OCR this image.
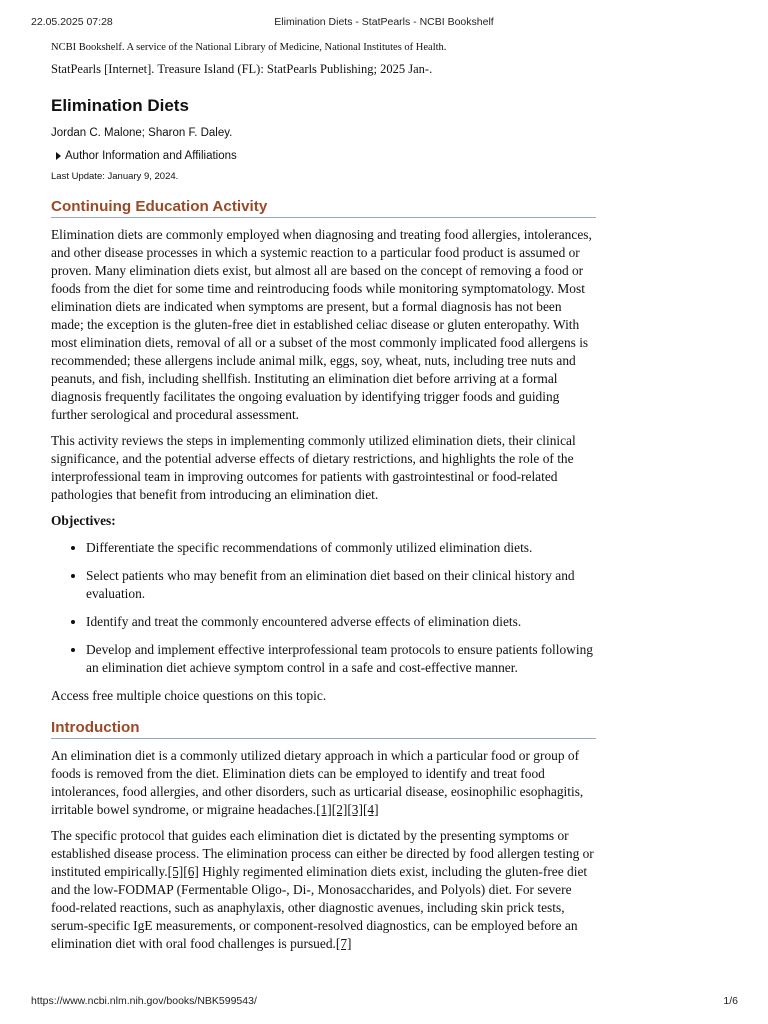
22.05.2025 07:28	Elimination Diets - StatPearls - NCBI Bookshelf

NCBI Bookshelf. A service of the National Library of Medicine, National Institutes of Health.

StatPearls [Internet]. Treasure Island (FL): StatPearls Publishing; 2025 Jan-.

Elimination Diets

Jordan C. Malone; Sharon F. Daley.

Author Information and Affiliations

Last Update: January 9, 2024.

Continuing Education Activity

Elimination diets are commonly employed when diagnosing and treating food allergies, intolerances, and other disease processes in which a systemic reaction to a particular food product is assumed or proven. Many elimination diets exist, but almost all are based on the concept of removing a food or foods from the diet for some time and reintroducing foods while monitoring symptomatology. Most elimination diets are indicated when symptoms are present, but a formal diagnosis has not been made; the exception is the gluten-free diet in established celiac disease or gluten enteropathy. With most elimination diets, removal of all or a subset of the most commonly implicated food allergens is recommended; these allergens include animal milk, eggs, soy, wheat, nuts, including tree nuts and peanuts, and fish, including shellfish. Instituting an elimination diet before arriving at a formal diagnosis frequently facilitates the ongoing evaluation by identifying trigger foods and guiding further serological and procedural assessment.

This activity reviews the steps in implementing commonly utilized elimination diets, their clinical significance, and the potential adverse effects of dietary restrictions, and highlights the role of the interprofessional team in improving outcomes for patients with gastrointestinal or food-related pathologies that benefit from introducing an elimination diet.

Objectives:

• Differentiate the specific recommendations of commonly utilized elimination diets.
• Select patients who may benefit from an elimination diet based on their clinical history and evaluation.
• Identify and treat the commonly encountered adverse effects of elimination diets.
• Develop and implement effective interprofessional team protocols to ensure patients following an elimination diet achieve symptom control in a safe and cost-effective manner.

Access free multiple choice questions on this topic.

Introduction

An elimination diet is a commonly utilized dietary approach in which a particular food or group of foods is removed from the diet. Elimination diets can be employed to identify and treat food intolerances, food allergies, and other disorders, such as urticarial disease, eosinophilic esophagitis, irritable bowel syndrome, or migraine headaches.[1][2][3][4]

The specific protocol that guides each elimination diet is dictated by the presenting symptoms or established disease process. The elimination process can either be directed by food allergen testing or instituted empirically.[5][6] Highly regimented elimination diets exist, including the gluten-free diet and the low-FODMAP (Fermentable Oligo-, Di-, Monosaccharides, and Polyols) diet. For severe food-related reactions, such as anaphylaxis, other diagnostic avenues, including skin prick tests, serum-specific IgE measurements, or component-resolved diagnostics, can be employed before an elimination diet with oral food challenges is pursued.[7]

https://www.ncbi.nlm.nih.gov/books/NBK599543/	1/6
